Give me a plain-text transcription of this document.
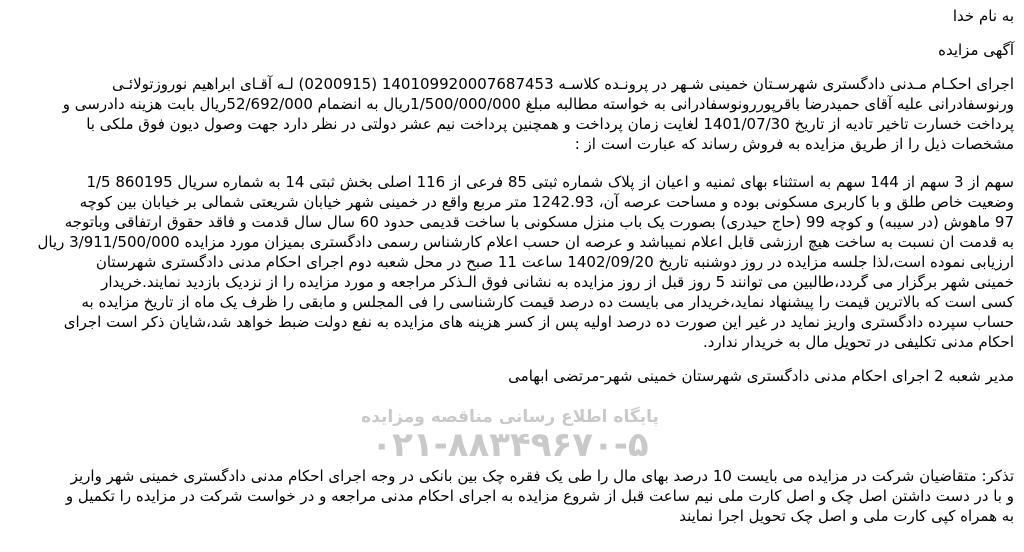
پایگاه اطلاع رسانی مناقصه ومزایده
۰۲۱-۸۸۳۴۹۶۷۰-۵
به نام خدا
آگهی مزایده
اجرای احکـام مـدنی دادگستری شهرسـتان خمینی شـهر در پرونـده کلاسـه 140109920007687453 (0200915) لـه آقـای ابراهیم نوروزتولائـی
ورنوسفادرانی علیه آقای حمیدرضا باقرپوررونوسفادرانی به خواسته مطالبه مبلغ 1/500/000/000ریال به انضمام 52/692/000ریال بابت هزینه دادرسی و
پرداخت خسارت تاخیر تادیه از تاریخ 1401/07/30 لغایت زمان پرداخت و همچنین پرداخت نیم عشر دولتی در نظر دارد جهت وصول دیون فوق ملکی با
مشخصات ذیل را از طریق مزایده به فروش رساند که عبارت است از :
سهم از 3 سهم از 144 سهم به استثناء بهای ثمنیه و اعیان از پلاک شماره ثبتی 85 فرعی از 116 اصلی بخش ثبتی 14 به شماره سریال 860195 1/5
وضعیت خاص طلق و با کاربری مسکونی بوده و مساحت عرصه آن، 1242.93 متر مربع واقع در خمینی شهر خیابان شریعتی شمالی بر خیابان بین کوچه
97 ماهوش (در سیبه) و کوچه 99 (حاج حیدری) بصورت یک باب منزل مسکونی با ساخت قدیمی حدود 60 سال سال قدمت و فاقد حقوق ارتفاقی وباتوجه
به قدمت ان نسبت به ساخت هیچ ارزشی قابل اعلام نمیباشد و عرصه ان حسب اعلام کارشناس رسمی دادگستری بمیزان مورد مزایده 3/911/500/000 ریال
ارزیابی نموده است،لذا جلسه مزایده در روز دوشنبه تاریخ 1402/09/20 ساعت 11 صبح در محل شعبه دوم اجرای احکام مدنی دادگستری شهرستان
خمینی شهر برگزار می گردد،طالبین می توانند 5 روز قبل از روز مزایده به نشانی فوق الـذکر مراجعه و مورد مزایده را از نزدیک بازدید نمایند.خریدار
کسی است که بالاترین قیمت را پیشنهاد نماید،خریدار می بایست ده درصد قیمت کارشناسی را فی المجلس و مابقی را ظرف یک ماه از تاریخ مزایده به
حساب سپرده دادگستری واریز نماید در غیر این صورت ده درصد اولیه پس از کسر هزینه های مزایده به نفع دولت ضبط خواهد شد،شایان ذکر است اجرای
احکام مدنی تکلیفی در تحویل مال به خریدار ندارد.
مدیر شعبه 2 اجرای احکام مدنی دادگستری شهرستان خمینی شهر-مرتضی ابهامی
تذکر: متقاضیان شرکت در مزایده می بایست 10 درصد بهای مال را طی یک فقره چک بین بانکی در وجه اجرای احکام مدنی دادگستری خمینی شهر واریز
و با در دست داشتن اصل چک و اصل کارت ملی نیم ساعت قبل از شروع مزایده به اجرای احکام مدنی مراجعه و در خواست شرکت در مزایده را تکمیل و
به همراه کپی کارت ملی و اصل چک تحویل اجرا نمایند
